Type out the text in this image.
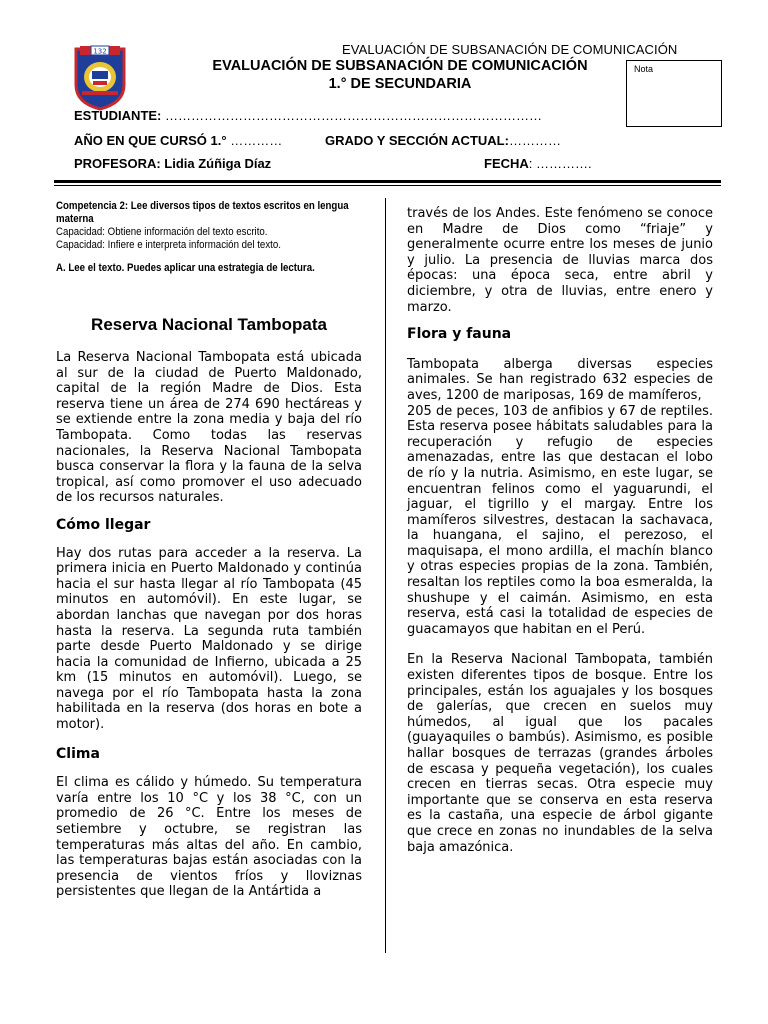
132	EVALUACIÓN DE SUBSANACIÓN DE COMUNICACIÓN
EVALUACIÓN DE SUBSANACIÓN DE COMUNICACIÓN
1.° DE SECUNDARIA
Nota
ESTUDIANTE: ……………………………………………………………………………
AÑO EN QUE CURSÓ 1.° …………	GRADO Y SECCIÓN ACTUAL:…………
PROFESORA: Lidia Zúñiga Díaz	FECHA: ………….
Competencia 2: Lee diversos tipos de textos escritos en lengua materna
Capacidad: Obtiene información del texto escrito.
Capacidad: Infiere e interpreta información del texto.
A. Lee el texto. Puedes aplicar una estrategia de lectura.
Reserva Nacional Tambopata

La Reserva Nacional Tambopata está ubicada al sur de la ciudad de Puerto Maldonado, capital de la región Madre de Dios. Esta reserva tiene un área de 274 690 hectáreas y se extiende entre la zona media y baja del río Tambopata. Como todas las reservas nacionales, la Reserva Nacional Tambopata busca conservar la flora y la fauna de la selva tropical, así como promover el uso adecuado de los recursos naturales.

Cómo llegar

Hay dos rutas para acceder a la reserva. La primera inicia en Puerto Maldonado y continúa hacia el sur hasta llegar al río Tambopata (45 minutos en automóvil). En este lugar, se abordan lanchas que navegan por dos horas hasta la reserva. La segunda ruta también parte desde Puerto Maldonado y se dirige hacia la comunidad de Infierno, ubicada a 25 km (15 minutos en automóvil). Luego, se navega por el río Tambopata hasta la zona habilitada en la reserva (dos horas en bote a motor).

Clima

El clima es cálido y húmedo. Su temperatura varía entre los 10 °C y los 38 °C, con un promedio de 26 °C. Entre los meses de setiembre y octubre, se registran las temperaturas más altas del año. En cambio, las temperaturas bajas están asociadas con la presencia de vientos fríos y lloviznas persistentes que llegan de la Antártida a

través de los Andes. Este fenómeno se conoce en Madre de Dios como “friaje” y generalmente ocurre entre los meses de junio y julio. La presencia de lluvias marca dos épocas: una época seca, entre abril y diciembre, y otra de lluvias, entre enero y marzo.

Flora y fauna

Tambopata alberga diversas especies animales. Se han registrado 632 especies de aves, 1200 de mariposas, 169 de mamíferos,

205 de peces, 103 de anfibios y 67 de reptiles. Esta reserva posee hábitats saludables para la recuperación y refugio de especies amenazadas, entre las que destacan el lobo de río y la nutria. Asimismo, en este lugar, se encuentran felinos como el yaguarundi, el jaguar, el tigrillo y el margay. Entre los mamíferos silvestres, destacan la sachavaca, la huangana, el sajino, el perezoso, el maquisapa, el mono ardilla, el machín blanco y otras especies propias de la zona. También, resaltan los reptiles como la boa esmeralda, la shushupe y el caimán. Asimismo, en esta reserva, está casi la totalidad de especies de guacamayos que habitan en el Perú.

En la Reserva Nacional Tambopata, también existen diferentes tipos de bosque. Entre los principales, están los aguajales y los bosques de galerías, que crecen en suelos muy húmedos, al igual que los pacales (guayaquiles o bambús). Asimismo, es posible hallar bosques de terrazas (grandes árboles de escasa y pequeña vegetación), los cuales crecen en tierras secas. Otra especie muy importante que se conserva en esta reserva es la castaña, una especie de árbol gigante que crece en zonas no inundables de la selva baja amazónica.
